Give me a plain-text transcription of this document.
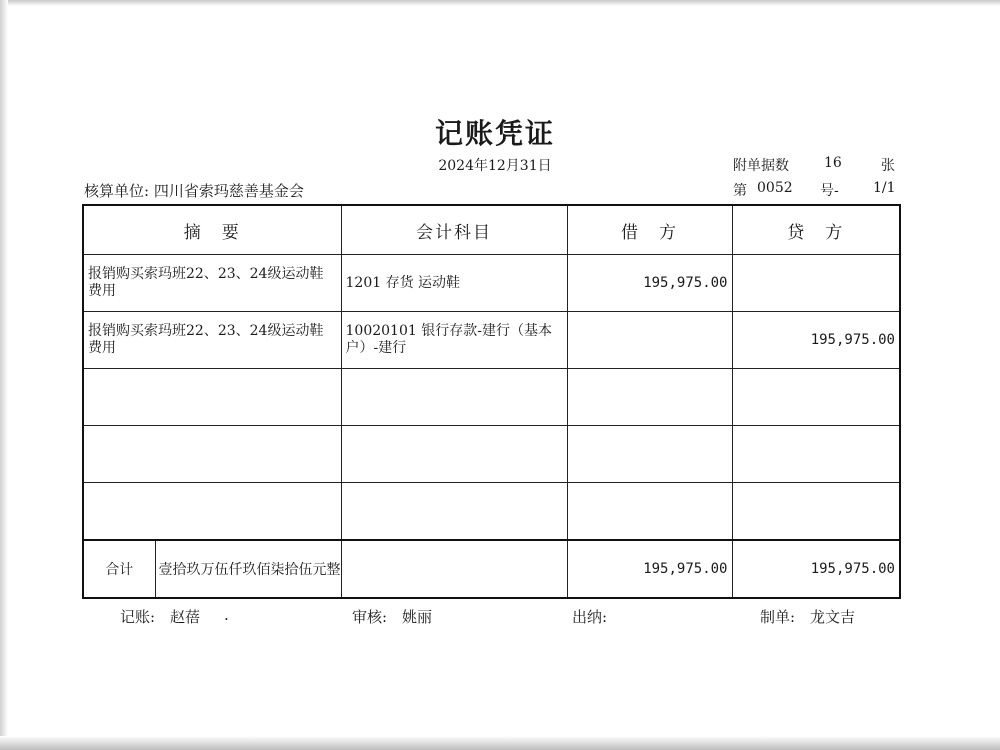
记账凭证
2024年12月31日	附单据数	16	张
核算单位: 四川省索玛慈善基金会	第 0052 号- 1/1
摘　要	会计科目	借　方	贷　方
报销购买索玛班22、23、24级运动鞋费用	1201 存货 运动鞋	195,975.00	
报销购买索玛班22、23、24级运动鞋费用	10020101 银行存款-建行（基本户）-建行		195,975.00

合计 壹拾玖万伍仟玖佰柒拾伍元整		195,975.00	195,975.00
记账: 赵蓓 .	审核: 姚丽	出纳:	制单: 龙文吉
